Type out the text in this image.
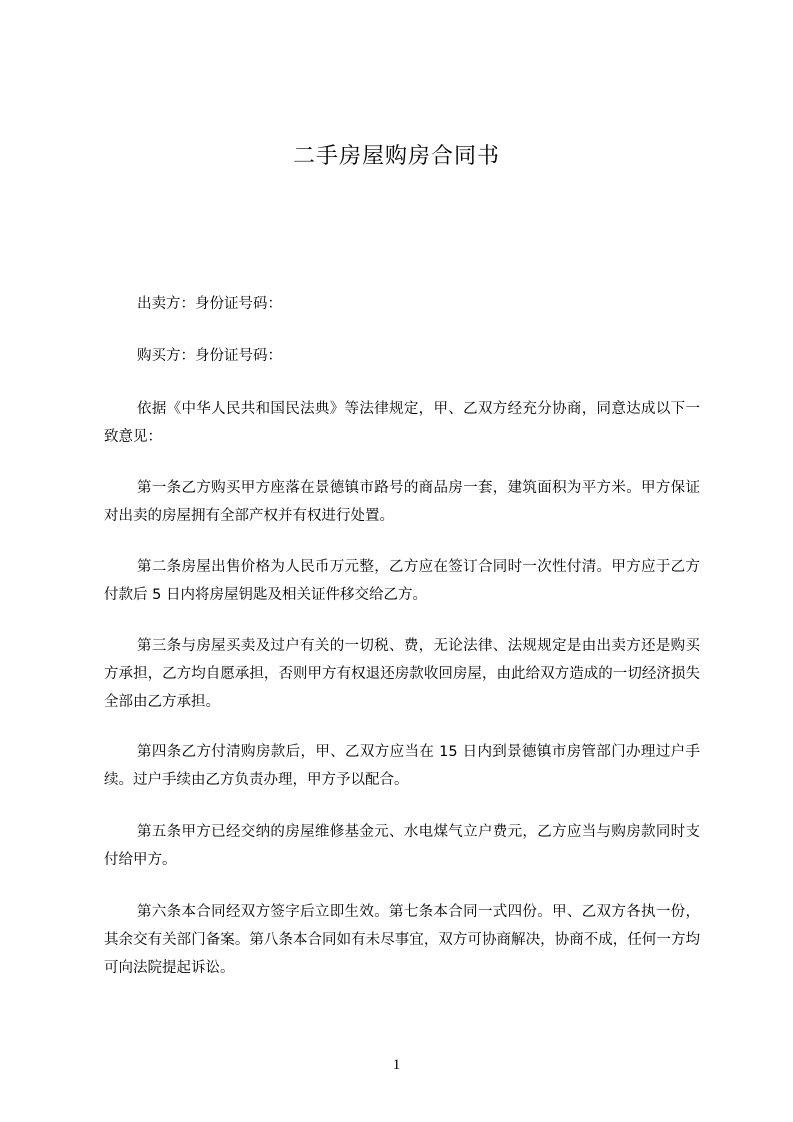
二手房屋购房合同书

出卖方：身份证号码：

购买方：身份证号码：

依据《中华人民共和国民法典》等法律规定，甲、乙双方经充分协商，同意达成以下一致意见：

第一条乙方购买甲方座落在景德镇市路号的商品房一套，建筑面积为平方米。甲方保证对出卖的房屋拥有全部产权并有权进行处置。

第二条房屋出售价格为人民币万元整，乙方应在签订合同时一次性付清。甲方应于乙方付款后 5 日内将房屋钥匙及相关证件移交给乙方。

第三条与房屋买卖及过户有关的一切税、费，无论法律、法规规定是由出卖方还是购买方承担，乙方均自愿承担，否则甲方有权退还房款收回房屋，由此给双方造成的一切经济损失全部由乙方承担。

第四条乙方付清购房款后，甲、乙双方应当在 15 日内到景德镇市房管部门办理过户手续。过户手续由乙方负责办理，甲方予以配合。

第五条甲方已经交纳的房屋维修基金元、水电煤气立户费元，乙方应当与购房款同时支付给甲方。

第六条本合同经双方签字后立即生效。第七条本合同一式四份。甲、乙双方各执一份，其余交有关部门备案。第八条本合同如有未尽事宜，双方可协商解决，协商不成，任何一方均可向法院提起诉讼。

1
